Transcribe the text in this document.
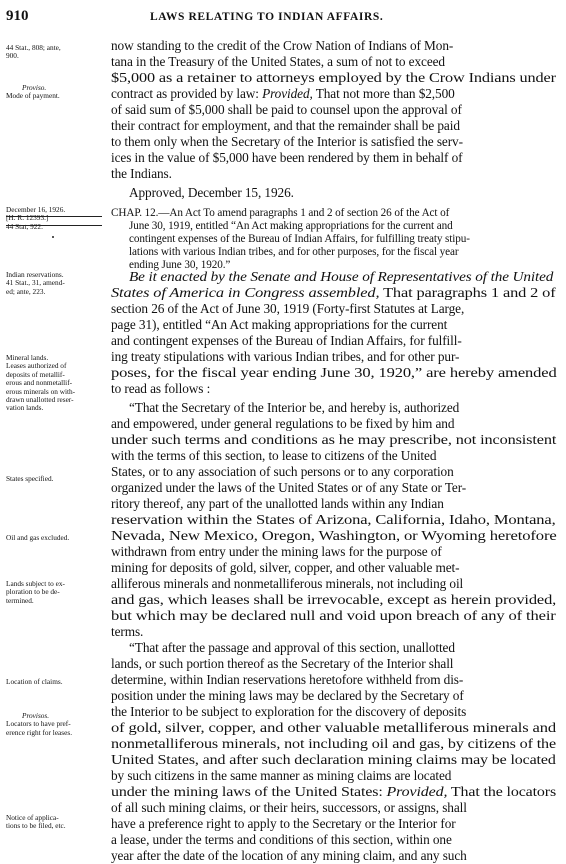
910	LAWS RELATING TO INDIAN AFFAIRS.
44 Stat., 808; ante,
900.
Proviso.
Mode of payment.
December 16, 1926.
[H. R. 12393.]
44 Stat, 922.
Indian reservations.
41 Stat., 31, amend-
ed; ante, 223.
Mineral lands.
Leases authorized of
deposits of metallif-
erous and nonmetallif-
erous minerals on with-
drawn unallotted reser-
vation lands.
States specified.
Oil and gas excluded.
Lands subject to ex-
ploration to be de-
termined.
Location of claims.
Provisos.
Locators to have pref-
erence right for leases.
Notice of applica-
tions to be filed, etc.
CHAP. 12.—An Act To amend paragraphs 1 and 2 of section 26 of the Act of
June 30, 1919, entitled “An Act making appropriations for the current and
contingent expenses of the Bureau of Indian Affairs, for fulfilling treaty stipu-
lations with various Indian tribes, and for other purposes, for the fiscal year
ending June 30, 1920.”
now standing to the credit of the Crow Nation of Indians of Mon-
tana in the Treasury of the United States, a sum of not to exceed
$5,000 as a retainer to attorneys employed by the Crow Indians under
contract as provided by law: Provided, That not more than $2,500
of said sum of $5,000 shall be paid to counsel upon the approval of
their contract for employment, and that the remainder shall be paid
to them only when the Secretary of the Interior is satisfied the serv-
ices in the value of $5,000 have been rendered by them in behalf of
the Indians.
Approved, December 15, 1926.
Be it enacted by the Senate and House of Representatives of the United
States of America in Congress assembled, That paragraphs 1 and 2 of
section 26 of the Act of June 30, 1919 (Forty-first Statutes at Large,
page 31), entitled “An Act making appropriations for the current
and contingent expenses of the Bureau of Indian Affairs, for fulfill-
ing treaty stipulations with various Indian tribes, and for other pur-
poses, for the fiscal year ending June 30, 1920,” are hereby amended
to read as follows :
“That the Secretary of the Interior be, and hereby is, authorized
and empowered, under general regulations to be fixed by him and
under such terms and conditions as he may prescribe, not inconsistent
with the terms of this section, to lease to citizens of the United
States, or to any association of such persons or to any corporation
organized under the laws of the United States or of any State or Ter-
ritory thereof, any part of the unallotted lands within any Indian
reservation within the States of Arizona, California, Idaho, Montana,
Nevada, New Mexico, Oregon, Washington, or Wyoming heretofore
withdrawn from entry under the mining laws for the purpose of
mining for deposits of gold, silver, copper, and other valuable met-
alliferous minerals and nonmetalliferous minerals, not including oil
and gas, which leases shall be irrevocable, except as herein provided,
but which may be declared null and void upon breach of any of their
terms.
“That after the passage and approval of this section, unallotted
lands, or such portion thereof as the Secretary of the Interior shall
determine, within Indian reservations heretofore withheld from dis-
position under the mining laws may be declared by the Secretary of
the Interior to be subject to exploration for the discovery of deposits
of gold, silver, copper, and other valuable metalliferous minerals and
nonmetalliferous minerals, not including oil and gas, by citizens of the
United States, and after such declaration mining claims may be located
by such citizens in the same manner as mining claims are located
under the mining laws of the United States: Provided, That the locators
of all such mining claims, or their heirs, successors, or assigns, shall
have a preference right to apply to the Secretary or the Interior for
a lease, under the terms and conditions of this section, within one
year after the date of the location of any mining claim, and any such
